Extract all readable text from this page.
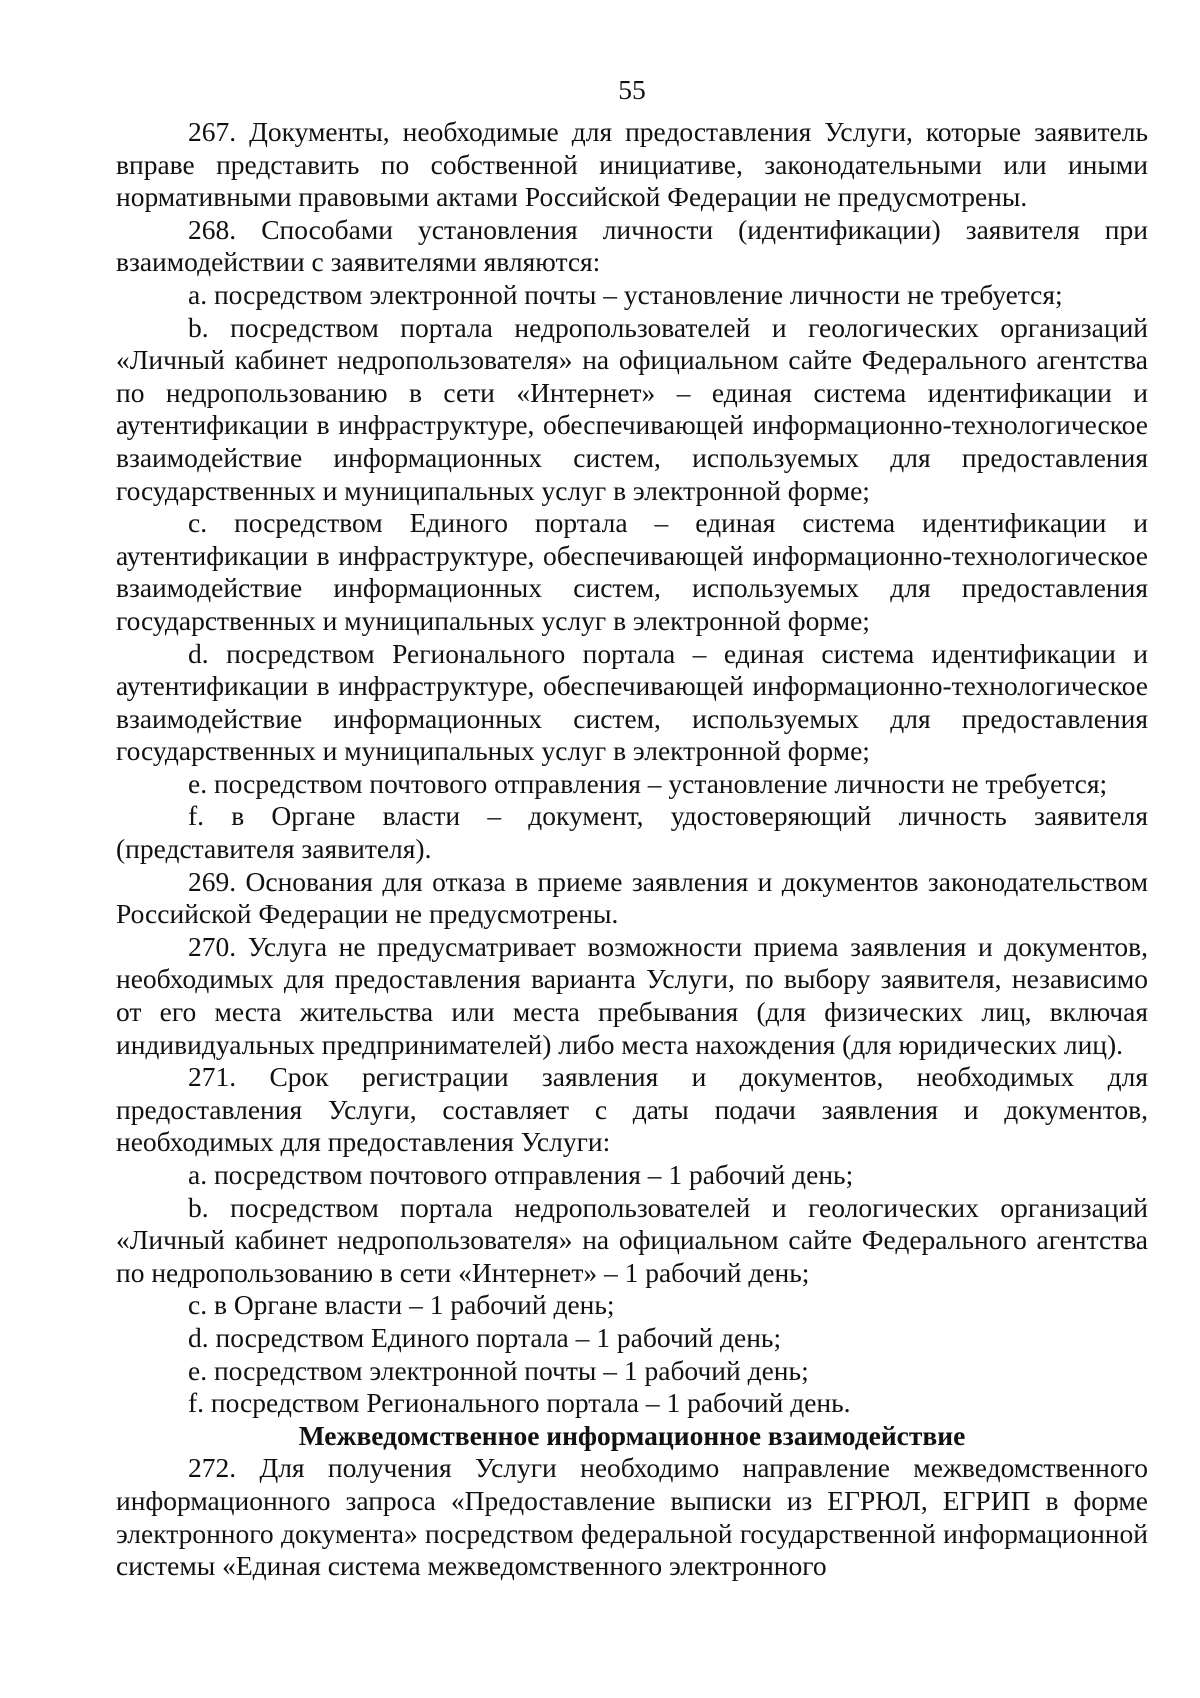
55

267. Документы, необходимые для предоставления Услуги, которые заявитель вправе представить по собственной инициативе, законодательными или иными нормативными правовыми актами Российской Федерации не предусмотрены.

268. Способами установления личности (идентификации) заявителя при взаимодействии с заявителями являются:

a. посредством электронной почты – установление личности не требуется;

b. посредством портала недропользователей и геологических организаций «Личный кабинет недропользователя» на официальном сайте Федерального агентства по недропользованию в сети «Интернет» – единая система идентификации и аутентификации в инфраструктуре, обеспечивающей информационно-технологическое взаимодействие информационных систем, используемых для предоставления государственных и муниципальных услуг в электронной форме;

c. посредством Единого портала – единая система идентификации и аутентификации в инфраструктуре, обеспечивающей информационно-технологическое взаимодействие информационных систем, используемых для предоставления государственных и муниципальных услуг в электронной форме;

d. посредством Регионального портала – единая система идентификации и аутентификации в инфраструктуре, обеспечивающей информационно-технологическое взаимодействие информационных систем, используемых для предоставления государственных и муниципальных услуг в электронной форме;

e. посредством почтового отправления – установление личности не требуется;

f. в Органе власти – документ, удостоверяющий личность заявителя (представителя заявителя).

269. Основания для отказа в приеме заявления и документов законодательством Российской Федерации не предусмотрены.

270. Услуга не предусматривает возможности приема заявления и документов, необходимых для предоставления варианта Услуги, по выбору заявителя, независимо от его места жительства или места пребывания (для физических лиц, включая индивидуальных предпринимателей) либо места нахождения (для юридических лиц).

271. Срок регистрации заявления и документов, необходимых для предоставления Услуги, составляет с даты подачи заявления и документов, необходимых для предоставления Услуги:

a. посредством почтового отправления – 1 рабочий день;

b. посредством портала недропользователей и геологических организаций «Личный кабинет недропользователя» на официальном сайте Федерального агентства по недропользованию в сети «Интернет» – 1 рабочий день;

c. в Органе власти – 1 рабочий день;

d. посредством Единого портала – 1 рабочий день;

e. посредством электронной почты – 1 рабочий день;

f. посредством Регионального портала – 1 рабочий день.

Межведомственное информационное взаимодействие

272. Для получения Услуги необходимо направление межведомственного информационного запроса «Предоставление выписки из ЕГРЮЛ, ЕГРИП в форме электронного документа» посредством федеральной государственной информационной системы «Единая система межведомственного электронного
